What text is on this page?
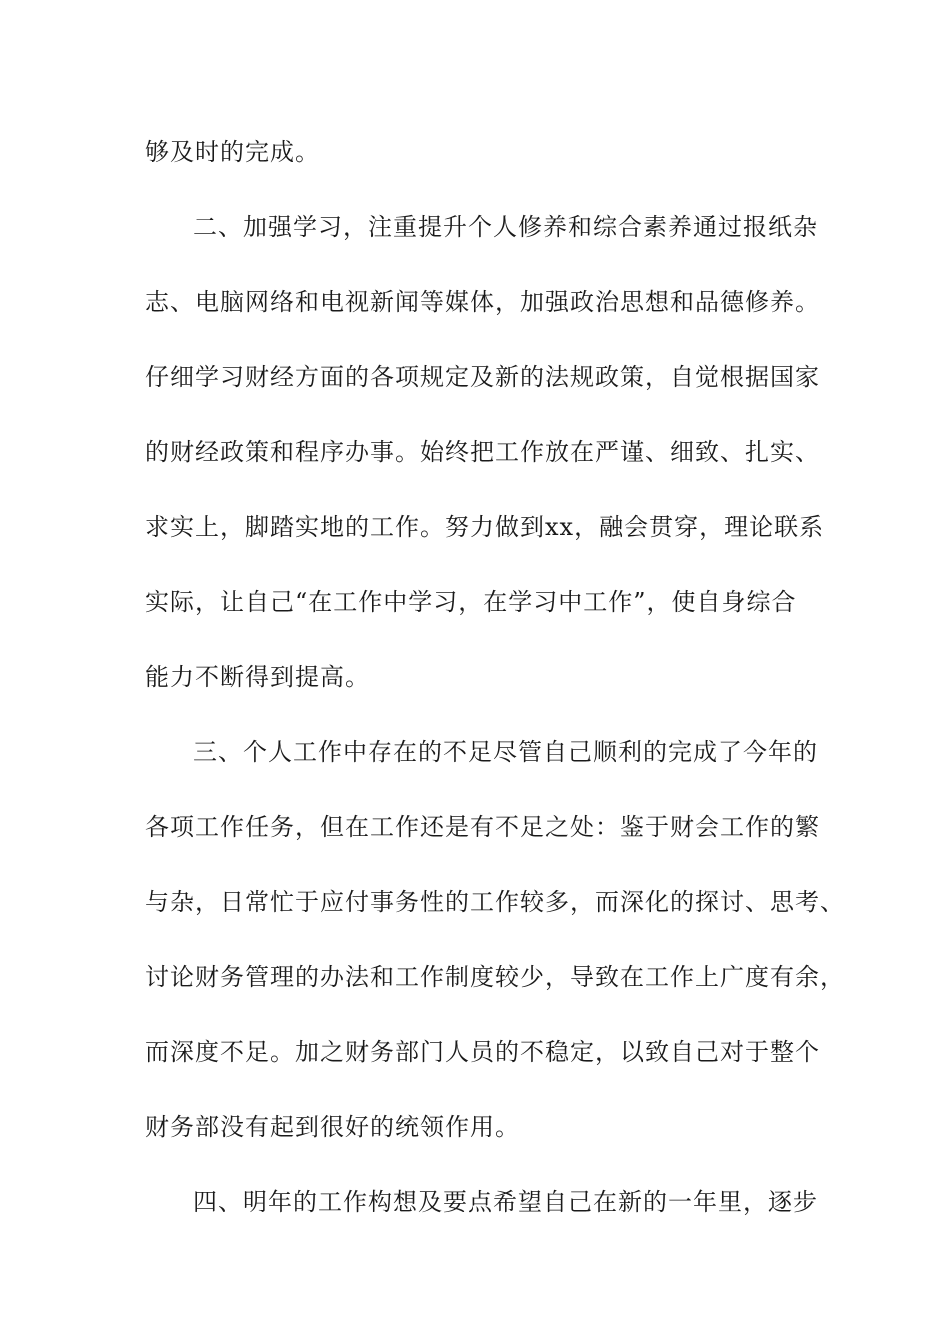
够及时的完成。
二、加强学习，注重提升个人修养和综合素养通过报纸杂
志、电脑网络和电视新闻等媒体，加强政治思想和品德修养。
仔细学习财经方面的各项规定及新的法规政策，自觉根据国家
的财经政策和程序办事。始终把工作放在严谨、细致、扎实、
求实上，脚踏实地的工作。努力做到xx，融会贯穿，理论联系
实际，让自己“在工作中学习，在学习中工作”，使自身综合
能力不断得到提高。
三、个人工作中存在的不足尽管自己顺利的完成了今年的
各项工作任务，但在工作还是有不足之处：鉴于财会工作的繁
与杂，日常忙于应付事务性的工作较多，而深化的探讨、思考、
讨论财务管理的办法和工作制度较少，导致在工作上广度有余，
而深度不足。加之财务部门人员的不稳定，以致自己对于整个
财务部没有起到很好的统领作用。
四、明年的工作构想及要点希望自己在新的一年里，逐步
